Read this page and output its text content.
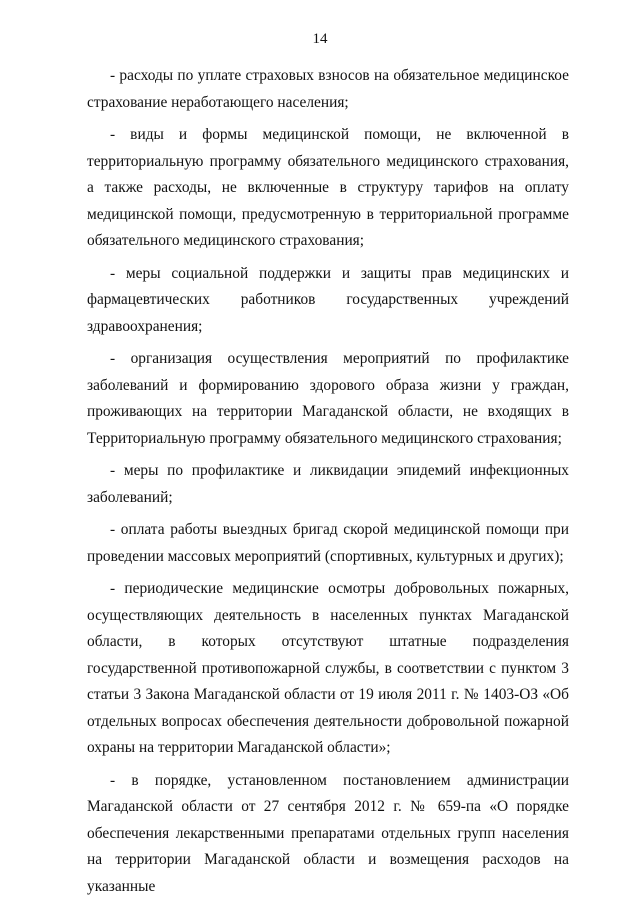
14

- расходы по уплате страховых взносов на обязательное медицинское страхование неработающего населения;

- виды и формы медицинской помощи, не включенной в территориальную программу обязательного медицинского страхования, а также расходы, не включенные в структуру тарифов на оплату медицинской помощи, предусмотренную в территориальной программе обязательного медицинского страхования;

- меры социальной поддержки и защиты прав медицинских и фармацевтических работников государственных учреждений здравоохранения;

- организация осуществления мероприятий по профилактике заболеваний и формированию здорового образа жизни у граждан, проживающих на территории Магаданской области, не входящих в Территориальную программу обязательного медицинского страхования;

- меры по профилактике и ликвидации эпидемий инфекционных заболеваний;

- оплата работы выездных бригад скорой медицинской помощи при проведении массовых мероприятий (спортивных, культурных и других);

- периодические медицинские осмотры добровольных пожарных, осуществляющих деятельность в населенных пунктах Магаданской области, в которых отсутствуют штатные подразделения государственной противопожарной службы, в соответствии с пунктом 3 статьи 3 Закона Магаданской области от 19 июля 2011 г. № 1403-ОЗ «Об отдельных вопросах обеспечения деятельности добровольной пожарной охраны на территории Магаданской области»;

- в порядке, установленном постановлением администрации Магаданской области от 27 сентября 2012 г. № 659-па «О порядке обеспечения лекарственными препаратами отдельных групп населения на территории Магаданской области и возмещения расходов на указанные
